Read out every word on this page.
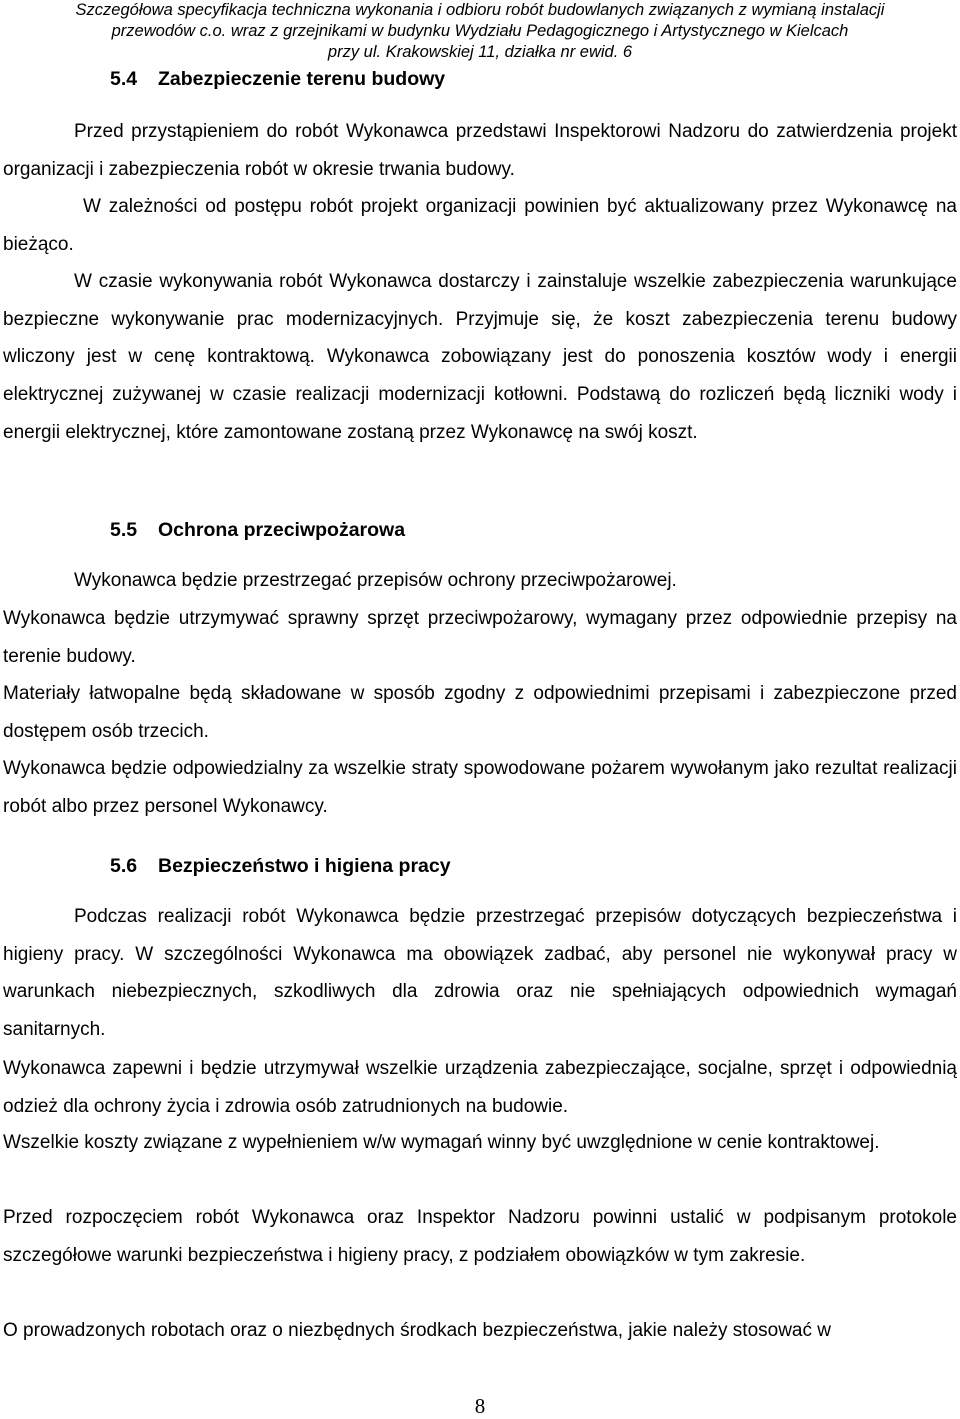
Szczegółowa specyfikacja techniczna wykonania i odbioru robót budowlanych związanych z wymianą instalacji
przewodów c.o. wraz z grzejnikami w budynku Wydziału Pedagogicznego i Artystycznego w Kielcach
przy ul. Krakowskiej 11, działka nr ewid. 6
5.4 Zabezpieczenie terenu budowy
Przed przystąpieniem do robót Wykonawca przedstawi Inspektorowi Nadzoru do zatwierdzenia projekt organizacji i zabezpieczenia robót w okresie trwania budowy.
W zależności od postępu robót projekt organizacji powinien być aktualizowany przez Wykonawcę na bieżąco.
W czasie wykonywania robót Wykonawca dostarczy i zainstaluje wszelkie zabezpieczenia warunkujące bezpieczne wykonywanie prac modernizacyjnych. Przyjmuje się, że koszt zabezpieczenia terenu budowy wliczony jest w cenę kontraktową. Wykonawca zobowiązany jest do ponoszenia kosztów wody i energii elektrycznej zużywanej w czasie realizacji modernizacji kotłowni. Podstawą do rozliczeń będą liczniki wody i energii elektrycznej, które zamontowane zostaną przez Wykonawcę na swój koszt.
5.5 Ochrona przeciwpożarowa
Wykonawca będzie przestrzegać przepisów ochrony przeciwpożarowej.
Wykonawca będzie utrzymywać sprawny sprzęt przeciwpożarowy, wymagany przez odpowiednie przepisy na terenie budowy.
Materiały łatwopalne będą składowane w sposób zgodny z odpowiednimi przepisami i zabezpieczone przed dostępem osób trzecich.
Wykonawca będzie odpowiedzialny za wszelkie straty spowodowane pożarem wywołanym jako rezultat realizacji robót albo przez personel Wykonawcy.
5.6 Bezpieczeństwo i higiena pracy
Podczas realizacji robót Wykonawca będzie przestrzegać przepisów dotyczących bezpieczeństwa i higieny pracy. W szczególności Wykonawca ma obowiązek zadbać, aby personel nie wykonywał pracy w warunkach niebezpiecznych, szkodliwych dla zdrowia oraz nie spełniających odpowiednich wymagań sanitarnych.
Wykonawca zapewni i będzie utrzymywał wszelkie urządzenia zabezpieczające, socjalne, sprzęt i odpowiednią odzież dla ochrony życia i zdrowia osób zatrudnionych na budowie.
Wszelkie koszty związane z wypełnieniem w/w wymagań winny być uwzględnione w cenie kontraktowej.
Przed rozpoczęciem robót Wykonawca oraz Inspektor Nadzoru powinni ustalić w podpisanym protokole szczegółowe warunki bezpieczeństwa i higieny pracy, z podziałem obowiązków w tym zakresie.
O prowadzonych robotach oraz o niezbędnych środkach bezpieczeństwa, jakie należy stosować w
8
